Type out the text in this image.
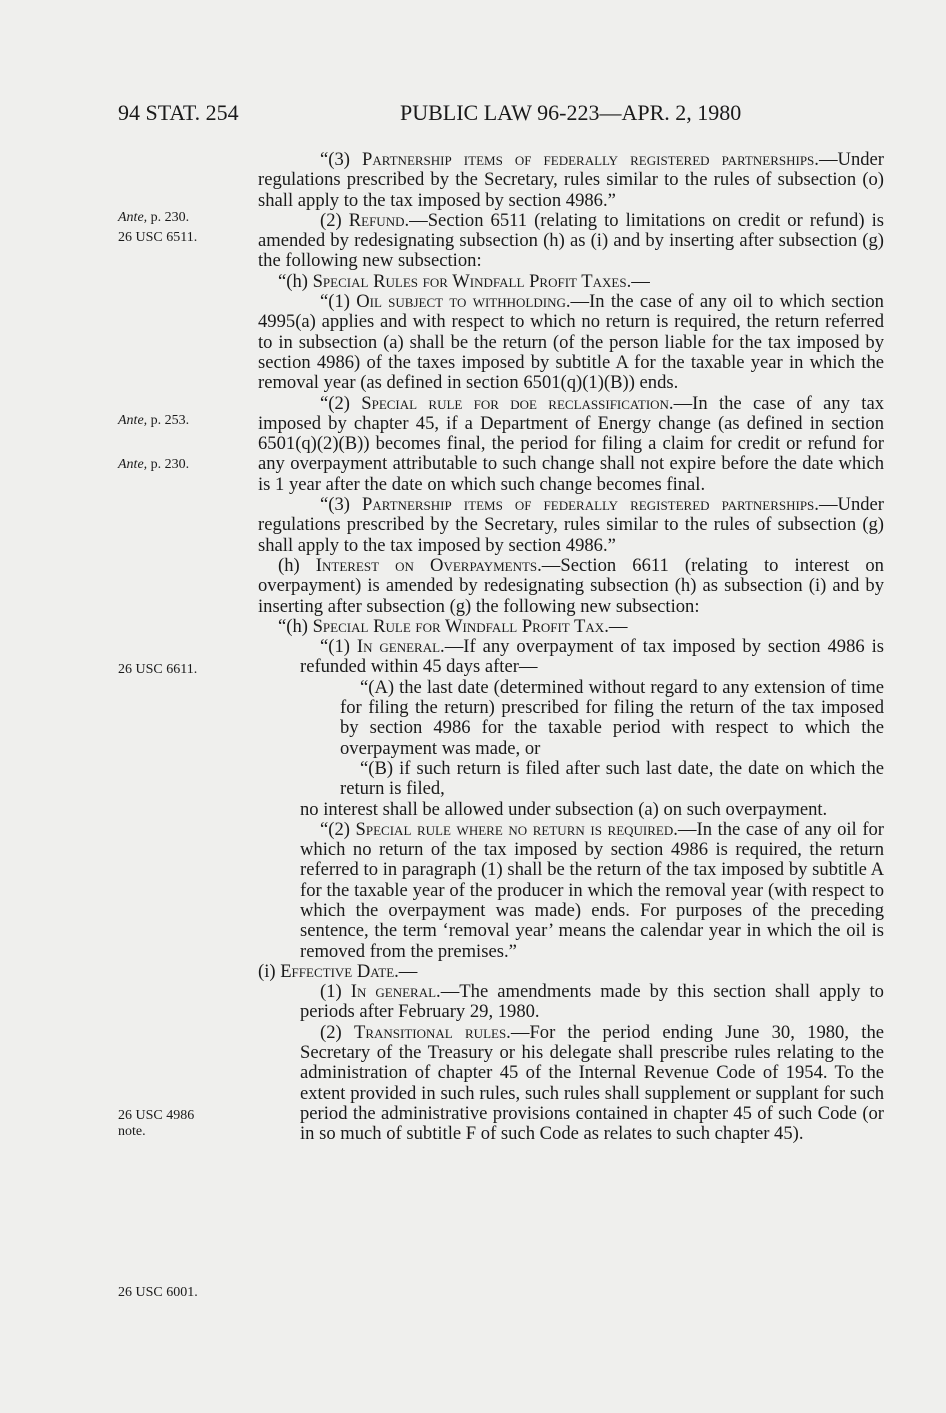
94 STAT. 254	PUBLIC LAW 96-223—APR. 2, 1980
Ante, p. 230.
26 USC 6511.
Ante, p. 253.
Ante, p. 230.
26 USC 6611.
26 USC 4986
note.
26 USC 6001.

“(3) Partnership items of federally registered partnerships.—Under regulations prescribed by the Secretary, rules similar to the rules of subsection (o) shall apply to the tax imposed by section 4986.”

(2) Refund.—Section 6511 (relating to limitations on credit or refund) is amended by redesignating subsection (h) as (i) and by inserting after subsection (g) the following new subsection:

“(h) Special Rules for Windfall Profit Taxes.—

“(1) Oil subject to withholding.—In the case of any oil to which section 4995(a) applies and with respect to which no return is required, the return referred to in subsection (a) shall be the return (of the person liable for the tax imposed by section 4986) of the taxes imposed by subtitle A for the taxable year in which the removal year (as defined in section 6501(q)(1)(B)) ends.

“(2) Special rule for doe reclassification.—In the case of any tax imposed by chapter 45, if a Department of Energy change (as defined in section 6501(q)(2)(B)) becomes final, the period for filing a claim for credit or refund for any overpayment attributable to such change shall not expire before the date which is 1 year after the date on which such change becomes final.

“(3) Partnership items of federally registered partnerships.—Under regulations prescribed by the Secretary, rules similar to the rules of subsection (g) shall apply to the tax imposed by section 4986.”

(h) Interest on Overpayments.—Section 6611 (relating to interest on overpayment) is amended by redesignating subsection (h) as subsection (i) and by inserting after subsection (g) the following new subsection:

“(h) Special Rule for Windfall Profit Tax.—

“(1) In general.—If any overpayment of tax imposed by section 4986 is refunded within 45 days after—

“(A) the last date (determined without regard to any extension of time for filing the return) prescribed for filing the return of the tax imposed by section 4986 for the taxable period with respect to which the overpayment was made, or

“(B) if such return is filed after such last date, the date on which the return is filed,

no interest shall be allowed under subsection (a) on such overpayment.

“(2) Special rule where no return is required.—In the case of any oil for which no return of the tax imposed by section 4986 is required, the return referred to in paragraph (1) shall be the return of the tax imposed by subtitle A for the taxable year of the producer in which the removal year (with respect to which the overpayment was made) ends. For purposes of the preceding sentence, the term ‘removal year’ means the calendar year in which the oil is removed from the premises.”

(i) Effective Date.—

(1) In general.—The amendments made by this section shall apply to periods after February 29, 1980.

(2) Transitional rules.—For the period ending June 30, 1980, the Secretary of the Treasury or his delegate shall prescribe rules relating to the administration of chapter 45 of the Internal Revenue Code of 1954. To the extent provided in such rules, such rules shall supplement or supplant for such period the administrative provisions contained in chapter 45 of such Code (or in so much of subtitle F of such Code as relates to such chapter 45).
